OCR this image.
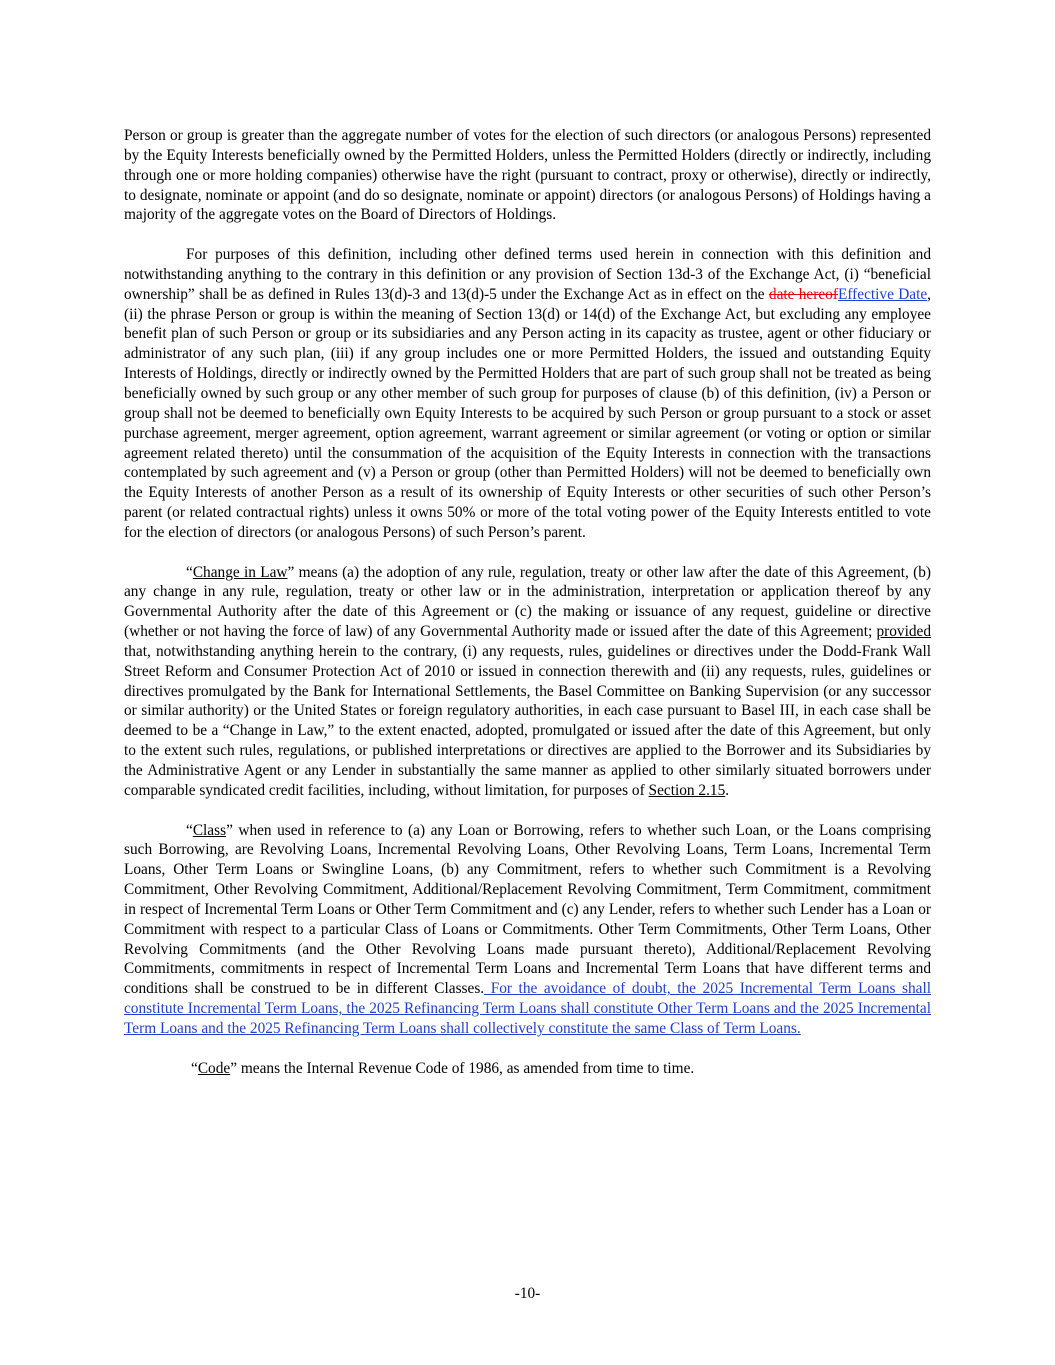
Person or group is greater than the aggregate number of votes for the election of such directors (or analogous Persons) represented by the Equity Interests beneficially owned by the Permitted Holders, unless the Permitted Holders (directly or indirectly, including through one or more holding companies) otherwise have the right (pursuant to contract, proxy or otherwise), directly or indirectly, to designate, nominate or appoint (and do so designate, nominate or appoint) directors (or analogous Persons) of Holdings having a majority of the aggregate votes on the Board of Directors of Holdings.

For purposes of this definition, including other defined terms used herein in connection with this definition and notwithstanding anything to the contrary in this definition or any provision of Section 13d-3 of the Exchange Act, (i) “beneficial ownership” shall be as defined in Rules 13(d)-3 and 13(d)-5 under the Exchange Act as in effect on the date hereofEffective Date, (ii) the phrase Person or group is within the meaning of Section 13(d) or 14(d) of the Exchange Act, but excluding any employee benefit plan of such Person or group or its subsidiaries and any Person acting in its capacity as trustee, agent or other fiduciary or administrator of any such plan, (iii) if any group includes one or more Permitted Holders, the issued and outstanding Equity Interests of Holdings, directly or indirectly owned by the Permitted Holders that are part of such group shall not be treated as being beneficially owned by such group or any other member of such group for purposes of clause (b) of this definition, (iv) a Person or group shall not be deemed to beneficially own Equity Interests to be acquired by such Person or group pursuant to a stock or asset purchase agreement, merger agreement, option agreement, warrant agreement or similar agreement (or voting or option or similar agreement related thereto) until the consummation of the acquisition of the Equity Interests in connection with the transactions contemplated by such agreement and (v) a Person or group (other than Permitted Holders) will not be deemed to beneficially own the Equity Interests of another Person as a result of its ownership of Equity Interests or other securities of such other Person’s parent (or related contractual rights) unless it owns 50% or more of the total voting power of the Equity Interests entitled to vote for the election of directors (or analogous Persons) of such Person’s parent.

“Change in Law” means (a) the adoption of any rule, regulation, treaty or other law after the date of this Agreement, (b) any change in any rule, regulation, treaty or other law or in the administration, interpretation or application thereof by any Governmental Authority after the date of this Agreement or (c) the making or issuance of any request, guideline or directive (whether or not having the force of law) of any Governmental Authority made or issued after the date of this Agreement; provided that, notwithstanding anything herein to the contrary, (i) any requests, rules, guidelines or directives under the Dodd-Frank Wall Street Reform and Consumer Protection Act of 2010 or issued in connection therewith and (ii) any requests, rules, guidelines or directives promulgated by the Bank for International Settlements, the Basel Committee on Banking Supervision (or any successor or similar authority) or the United States or foreign regulatory authorities, in each case pursuant to Basel III, in each case shall be deemed to be a “Change in Law,” to the extent enacted, adopted, promulgated or issued after the date of this Agreement, but only to the extent such rules, regulations, or published interpretations or directives are applied to the Borrower and its Subsidiaries by the Administrative Agent or any Lender in substantially the same manner as applied to other similarly situated borrowers under comparable syndicated credit facilities, including, without limitation, for purposes of Section 2.15.

“Class” when used in reference to (a) any Loan or Borrowing, refers to whether such Loan, or the Loans comprising such Borrowing, are Revolving Loans, Incremental Revolving Loans, Other Revolving Loans, Term Loans, Incremental Term Loans, Other Term Loans or Swingline Loans, (b) any Commitment, refers to whether such Commitment is a Revolving Commitment, Other Revolving Commitment, Additional/Replacement Revolving Commitment, Term Commitment, commitment in respect of Incremental Term Loans or Other Term Commitment and (c) any Lender, refers to whether such Lender has a Loan or Commitment with respect to a particular Class of Loans or Commitments. Other Term Commitments, Other Term Loans, Other Revolving Commitments (and the Other Revolving Loans made pursuant thereto), Additional/Replacement Revolving Commitments, commitments in respect of Incremental Term Loans and Incremental Term Loans that have different terms and conditions shall be construed to be in different Classes. For the avoidance of doubt, the 2025 Incremental Term Loans shall constitute Incremental Term Loans, the 2025 Refinancing Term Loans shall constitute Other Term Loans and the 2025 Incremental Term Loans and the 2025 Refinancing Term Loans shall collectively constitute the same Class of Term Loans.

“Code” means the Internal Revenue Code of 1986, as amended from time to time.

-10-
